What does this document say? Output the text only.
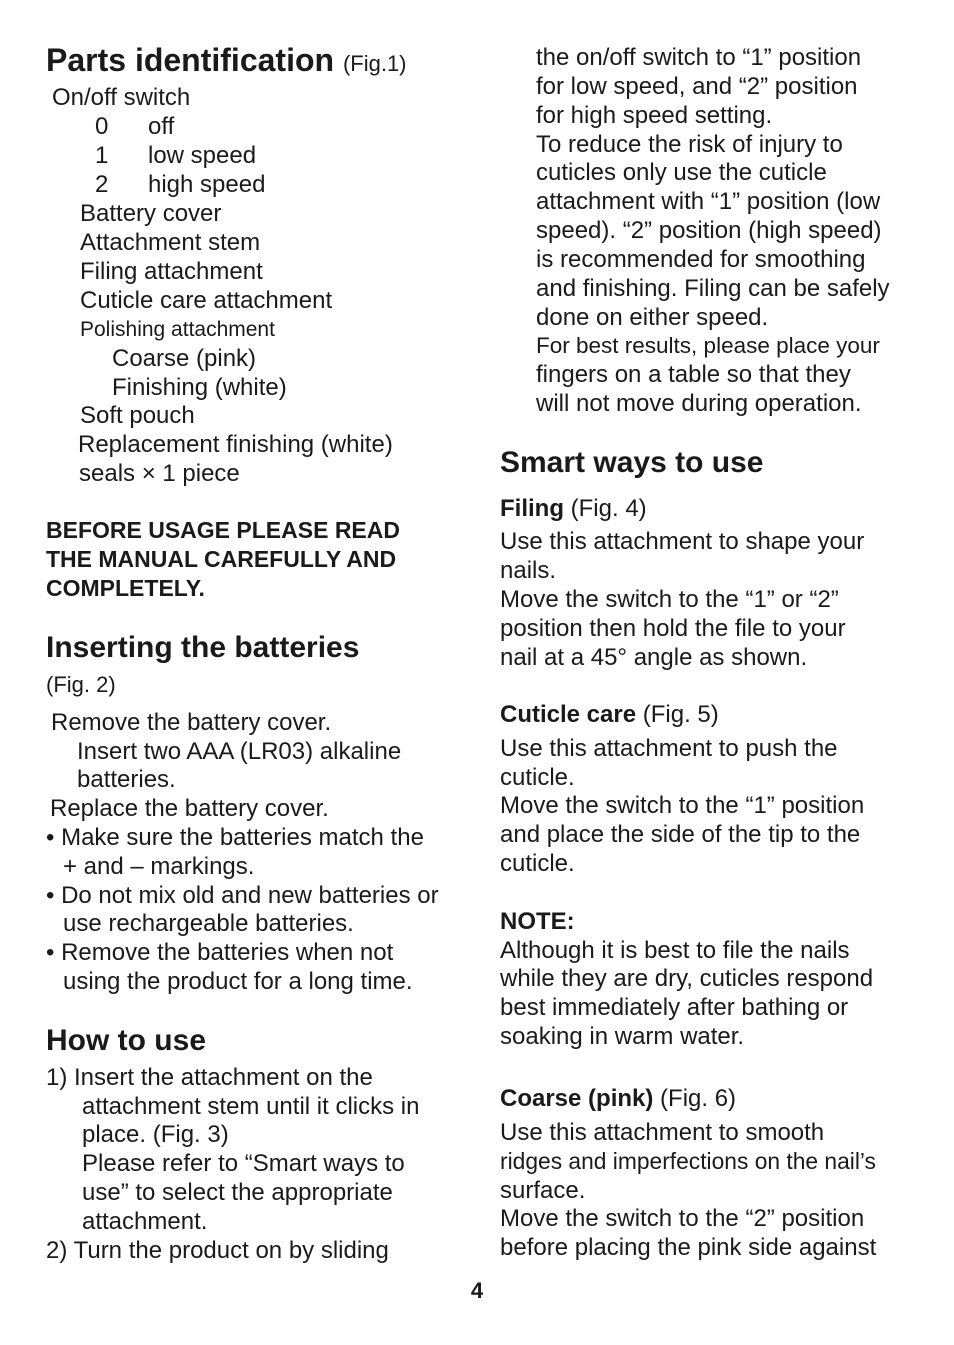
Parts identification (Fig.1)
On/off switch
0 off
1 low speed
2 high speed
Battery cover
Attachment stem
Filing attachment
Cuticle care attachment
Polishing attachment
Coarse (pink)
Finishing (white)
Soft pouch
Replacement finishing (white)
seals × 1 piece
BEFORE USAGE PLEASE READ
THE MANUAL CAREFULLY AND
COMPLETELY.
Inserting the batteries
(Fig. 2)
Remove the battery cover.
Insert two AAA (LR03) alkaline
batteries.
Replace the battery cover.
• Make sure the batteries match the
+ and – markings.
• Do not mix old and new batteries or
use rechargeable batteries.
• Remove the batteries when not
using the product for a long time.
How to use
1) Insert the attachment on the
attachment stem until it clicks in
place. (Fig. 3)
Please refer to “Smart ways to
use” to select the appropriate
attachment.
2) Turn the product on by sliding
the on/off switch to “1” position
for low speed, and “2” position
for high speed setting.
To reduce the risk of injury to
cuticles only use the cuticle
attachment with “1” position (low
speed). “2” position (high speed)
is recommended for smoothing
and finishing. Filing can be safely
done on either speed.
For best results, please place your
fingers on a table so that they
will not move during operation.
Smart ways to use
Filing (Fig. 4)
Use this attachment to shape your
nails.
Move the switch to the “1” or “2”
position then hold the file to your
nail at a 45° angle as shown.
Cuticle care (Fig. 5)
Use this attachment to push the
cuticle.
Move the switch to the “1” position
and place the side of the tip to the
cuticle.
NOTE:
Although it is best to file the nails
while they are dry, cuticles respond
best immediately after bathing or
soaking in warm water.
Coarse (pink) (Fig. 6)
Use this attachment to smooth
ridges and imperfections on the nail’s
surface.
Move the switch to the “2” position
before placing the pink side against
4
